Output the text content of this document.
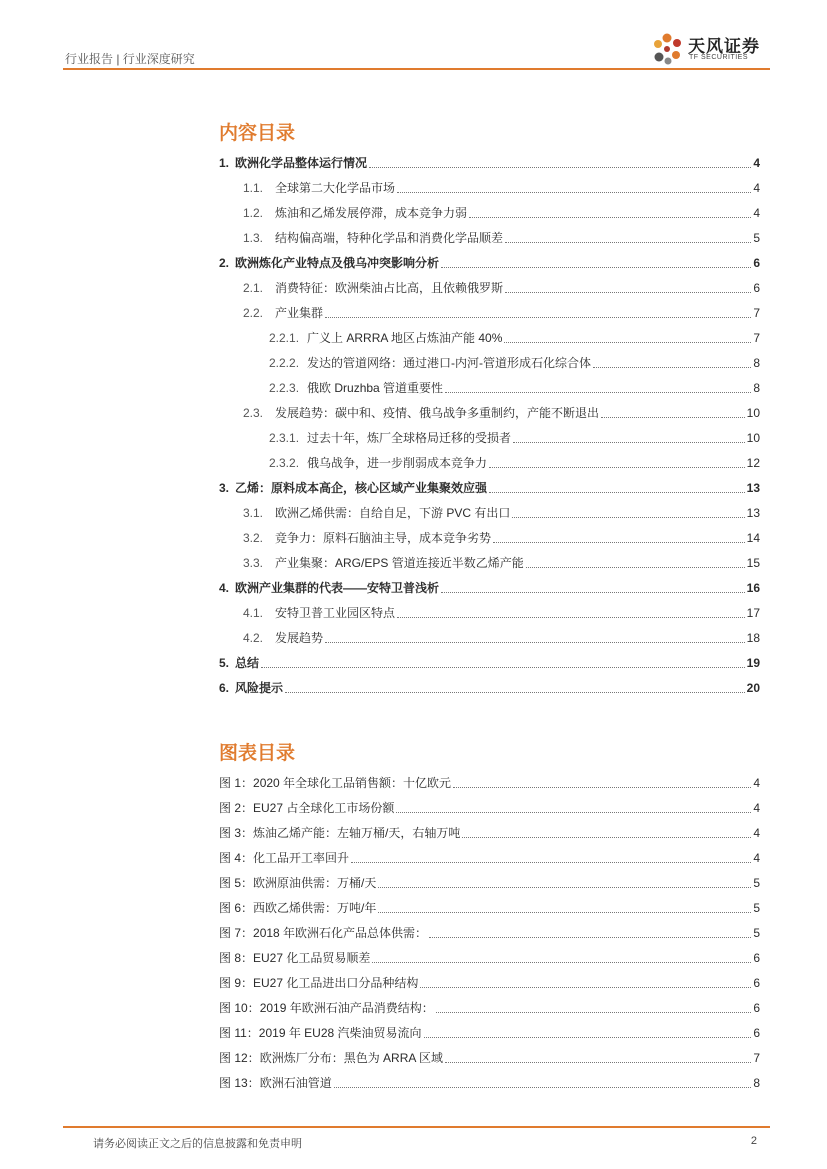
行业报告 | 行业深度研究
天风证券
TF SECURITIES
内容目录
1. 欧洲化学品整体运行情况	4
1.1. 全球第二大化学品市场	4
1.2. 炼油和乙烯发展停滞，成本竞争力弱	4
1.3. 结构偏高端，特种化学品和消费化学品顺差	5
2. 欧洲炼化产业特点及俄乌冲突影响分析	6
2.1. 消费特征：欧洲柴油占比高，且依赖俄罗斯	6
2.2. 产业集群	7
2.2.1. 广义上 ARRRA 地区占炼油产能 40%	7
2.2.2. 发达的管道网络：通过港口-内河-管道形成石化综合体	8
2.2.3. 俄欧 Druzhba 管道重要性	8
2.3. 发展趋势：碳中和、疫情、俄乌战争多重制约，产能不断退出	10
2.3.1. 过去十年，炼厂全球格局迁移的受损者	10
2.3.2. 俄乌战争，进一步削弱成本竞争力	12
3. 乙烯：原料成本高企，核心区域产业集聚效应强	13
3.1. 欧洲乙烯供需：自给自足，下游 PVC 有出口	13
3.2. 竞争力：原料石脑油主导，成本竞争劣势	14
3.3. 产业集聚：ARG/EPS 管道连接近半数乙烯产能	15
4. 欧洲产业集群的代表——安特卫普浅析	16
4.1. 安特卫普工业园区特点	17
4.2. 发展趋势	18
5. 总结	19
6. 风险提示	20
图表目录
图 1： 2020 年全球化工品销售额：十亿欧元	4
图 2： EU27 占全球化工市场份额	4
图 3： 炼油乙烯产能：左轴万桶/天，右轴万吨	4
图 4： 化工品开工率回升	4
图 5： 欧洲原油供需：万桶/天	5
图 6： 西欧乙烯供需：万吨/年	5
图 7： 2018 年欧洲石化产品总体供需：	5
图 8： EU27 化工品贸易顺差	6
图 9： EU27 化工品进出口分品种结构	6
图 10： 2019 年欧洲石油产品消费结构：	6
图 11： 2019 年 EU28 汽柴油贸易流向	6
图 12： 欧洲炼厂分布：黑色为 ARRA 区域	7
图 13： 欧洲石油管道	8
请务必阅读正文之后的信息披露和免责申明	2
